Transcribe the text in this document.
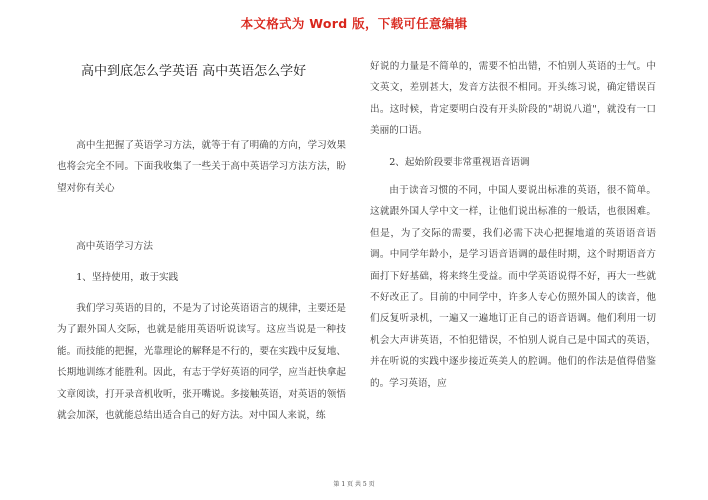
本文格式为 Word 版，下载可任意编辑
高中到底怎么学英语 高中英语怎么学好
高中生把握了英语学习方法，就等于有了明确的方向，学习效果也将会完全不同。下面我收集了一些关于高中英语学习方法方法，盼望对你有关心
高中英语学习方法
1、坚持使用，敢于实践
我们学习英语的目的，不是为了讨论英语语言的规律，主要还是为了跟外国人交际，也就是能用英语听说读写。这应当说是一种技能。而技能的把握，光靠理论的解释是不行的，要在实践中反复地、长期地训练才能胜利。因此，有志于学好英语的同学，应当赶快拿起文章阅读，打开录音机收听，张开嘴说。多接触英语，对英语的领悟就会加深，也就能总结出适合自己的好方法。对中国人来说，练
好说的力量是不简单的，需要不怕出错，不怕别人英语的士气。中文英文，差别甚大，发音方法很不相同。开头练习说，确定错误百出。这时候，肯定要明白没有开头阶段的"胡说八道"，就没有一口美丽的口语。
2、起始阶段要非常重视语音语调
由于读音习惯的不同，中国人要说出标准的英语，很不简单。这就跟外国人学中文一样，让他们说出标准的一般话，也很困难。但是，为了交际的需要，我们必需下决心把握地道的英语语音语调。中同学年龄小，是学习语音语调的最佳时期，这个时期语音方面打下好基础，将来终生受益。而中学英语说得不好，再大一些就不好改正了。目前的中同学中，许多人专心仿照外国人的读音，他们反复听录机，一遍又一遍地订正自己的语音语调。他们利用一切机会大声讲英语，不怕犯错误，不怕别人说自己是中国式的英语，并在听说的实践中逐步接近英美人的腔调。他们的作法是值得借鉴的。学习英语，应
第 1 页 共 5 页
